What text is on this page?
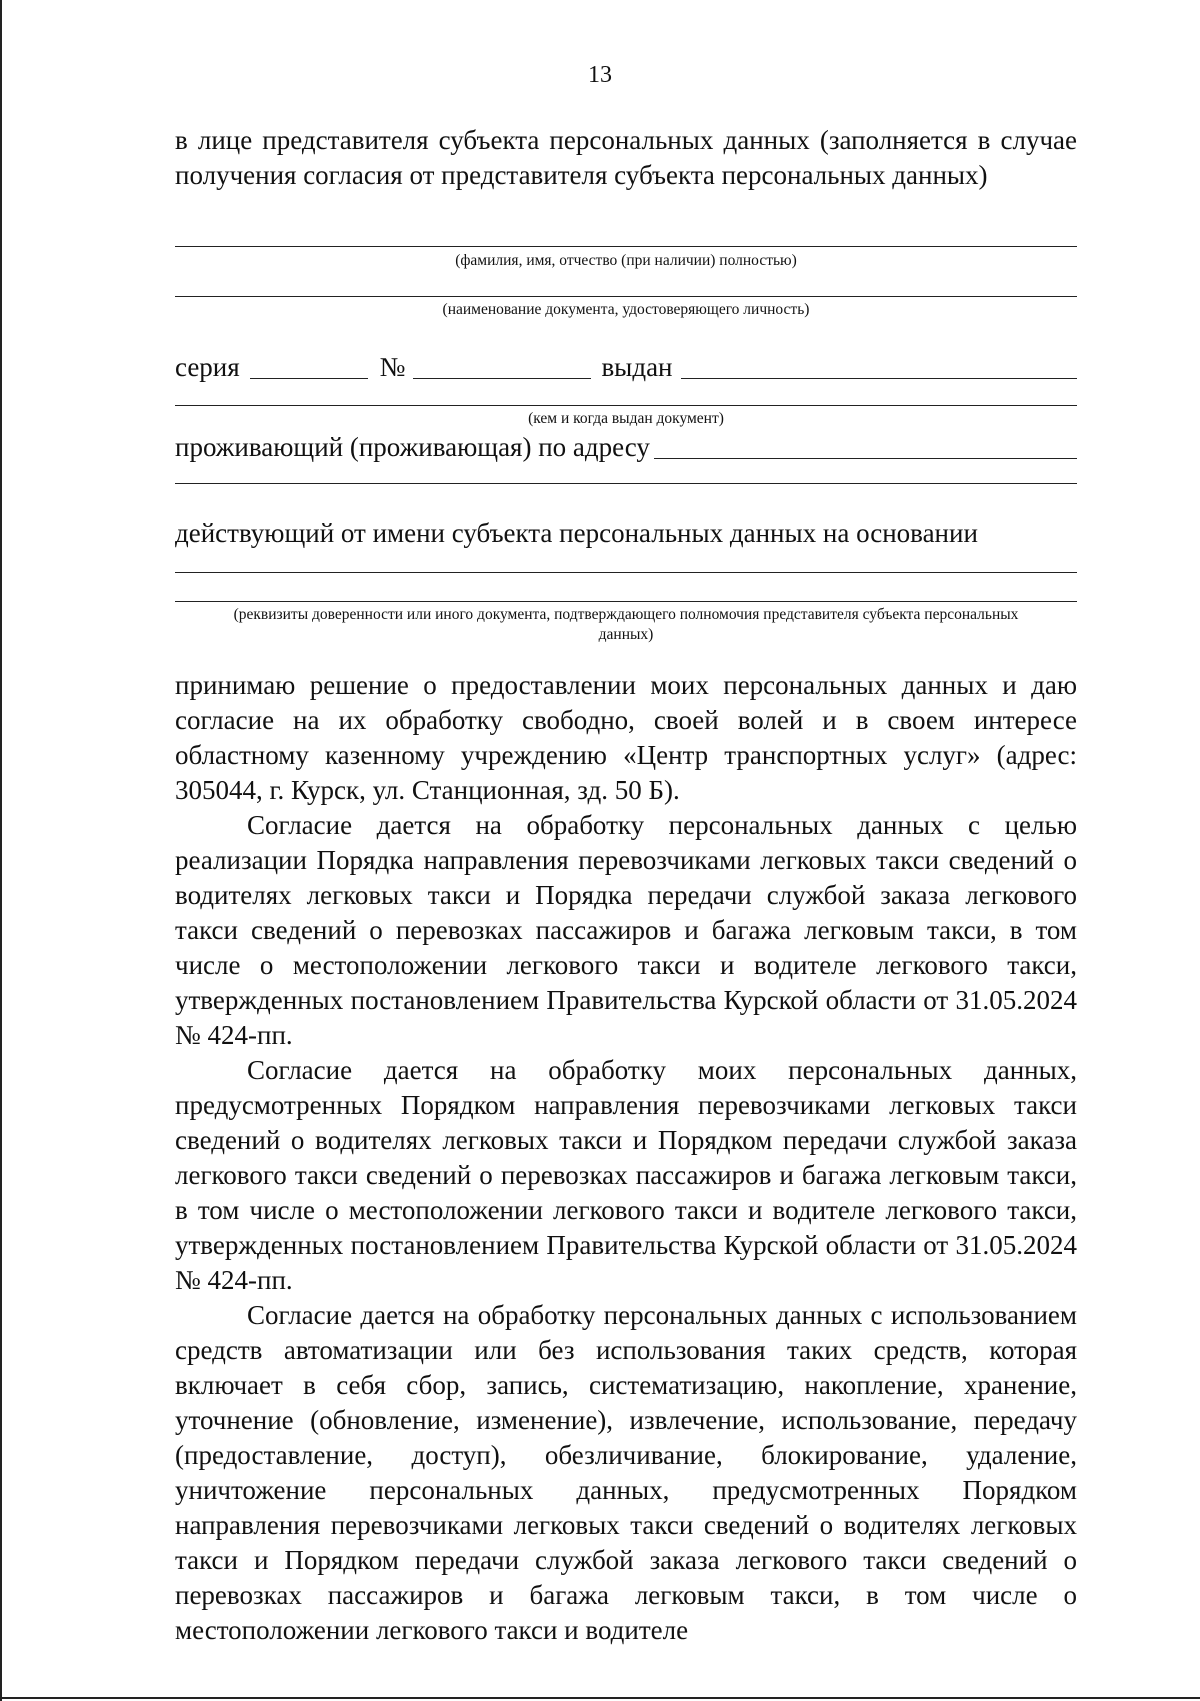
13

в лице представителя субъекта персональных данных (заполняется в случае получения согласия от представителя субъекта персональных данных)

(фамилия, имя, отчество (при наличии) полностью)
(наименование документа, удостоверяющего личность)
серия	№	выдан
(кем и когда выдан документ)
проживающий (проживающая) по адресу
действующий от имени субъекта персональных данных на основании
(реквизиты доверенности или иного документа, подтверждающего полномочия представителя субъекта персональных данных)

принимаю решение о предоставлении моих персональных данных и даю согласие на их обработку свободно, своей волей и в своем интересе областному казенному учреждению «Центр транспортных услуг» (адрес: 305044, г. Курск, ул. Станционная, зд. 50 Б).

Согласие дается на обработку персональных данных с целью реализации Порядка направления перевозчиками легковых такси сведений о водителях легковых такси и Порядка передачи службой заказа легкового такси сведений о перевозках пассажиров и багажа легковым такси, в том числе о местоположении легкового такси и водителе легкового такси, утвержденных постановлением Правительства Курской области от 31.05.2024 № 424-пп.

Согласие дается на обработку моих персональных данных, предусмотренных Порядком направления перевозчиками легковых такси сведений о водителях легковых такси и Порядком передачи службой заказа легкового такси сведений о перевозках пассажиров и багажа легковым такси, в том числе о местоположении легкового такси и водителе легкового такси, утвержденных постановлением Правительства Курской области от 31.05.2024 № 424-пп.

Согласие дается на обработку персональных данных с использованием средств автоматизации или без использования таких средств, которая включает в себя сбор, запись, систематизацию, накопление, хранение, уточнение (обновление, изменение), извлечение, использование, передачу (предоставление, доступ), обезличивание, блокирование, удаление, уничтожение персональных данных, предусмотренных Порядком направления перевозчиками легковых такси сведений о водителях легковых такси и Порядком передачи службой заказа легкового такси сведений о перевозках пассажиров и багажа легковым такси, в том числе о местоположении легкового такси и водителе
